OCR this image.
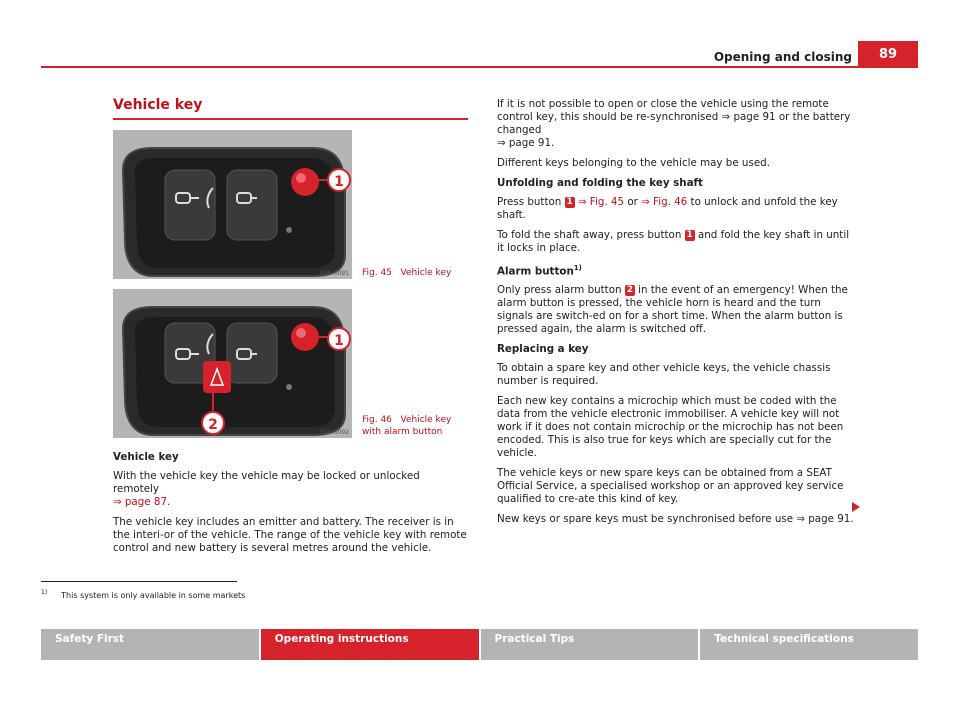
Opening and closing	89
Vehicle key
1
B5F-0091 Fig. 45 Vehicle key
1
2	B5F-0092
Fig. 46 Vehicle key with alarm button

Vehicle key

With the vehicle key the vehicle may be locked or unlocked remotely
⇒ page 87.

The vehicle key includes an emitter and battery. The receiver is in the interi-or of the vehicle. The range of the vehicle key with remote control and new battery is several metres around the vehicle.

If it is not possible to open or close the vehicle using the remote control key, this should be re-synchronised ⇒ page 91 or the battery changed
⇒ page 91.

Different keys belonging to the vehicle may be used.

Unfolding and folding the key shaft

Press button 1 ⇒ Fig. 45 or ⇒ Fig. 46 to unlock and unfold the key shaft.

To fold the shaft away, press button 1 and fold the key shaft in until it locks in place.

Alarm button$^{1)}$

Only press alarm button 2 in the event of an emergency! When the alarm button is pressed, the vehicle horn is heard and the turn signals are switch-ed on for a short time. When the alarm button is pressed again, the alarm is switched off.

Replacing a key

To obtain a spare key and other vehicle keys, the vehicle chassis number is required.

Each new key contains a microchip which must be coded with the data from the vehicle electronic immobiliser. A vehicle key will not work if it does not contain microchip or the microchip has not been encoded. This is also true for keys which are specially cut for the vehicle.

The vehicle keys or new spare keys can be obtained from a SEAT Official Service, a specialised workshop or an approved key service qualified to cre-ate this kind of key.

New keys or spare keys must be synchronised before use ⇒ page 91.

$^{1)}$ This system is only available in some markets
Safety First	Operating instructions	Practical Tips	Technical specifications
